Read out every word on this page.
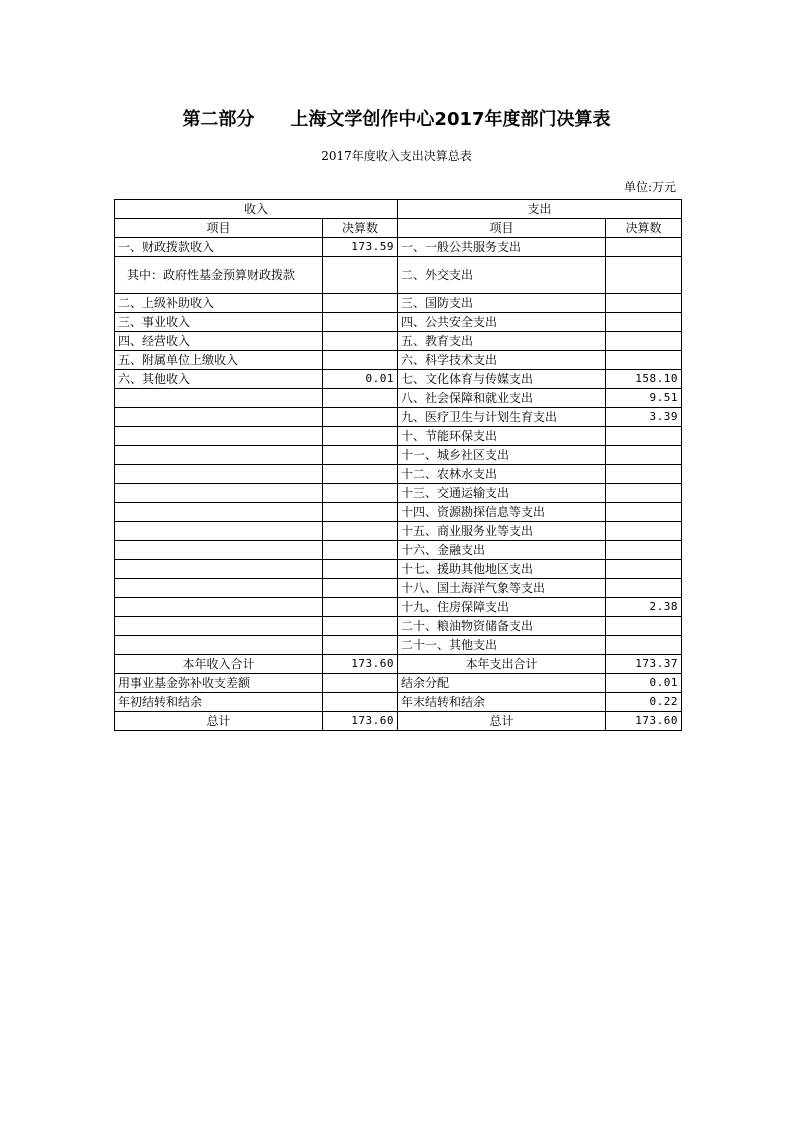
第二部分　　上海文学创作中心2017年度部门决算表
2017年度收入支出决算总表
单位:万元
收入		支出	
项目	决算数	项目	决算数
一、财政拨款收入	173.59	一、一般公共服务支出	
其中：政府性基金预算财政拨款		二、外交支出	
二、上级补助收入		三、国防支出	
三、事业收入		四、公共安全支出	
四、经营收入		五、教育支出	
五、附属单位上缴收入		六、科学技术支出	
六、其他收入	0.01	七、文化体育与传媒支出	158.10
		八、社会保障和就业支出	9.51
		九、医疗卫生与计划生育支出	3.39
		十、节能环保支出	
		十一、城乡社区支出	
		十二、农林水支出	
		十三、交通运输支出	
		十四、资源勘探信息等支出	
		十五、商业服务业等支出	
		十六、金融支出	
		十七、援助其他地区支出	
		十八、国土海洋气象等支出	
		十九、住房保障支出	2.38
		二十、粮油物资储备支出	
		二十一、其他支出	
本年收入合计	173.60	本年支出合计	173.37
用事业基金弥补收支差额		结余分配	0.01
年初结转和结余		年末结转和结余	0.22
总计	173.60	总计	173.60
